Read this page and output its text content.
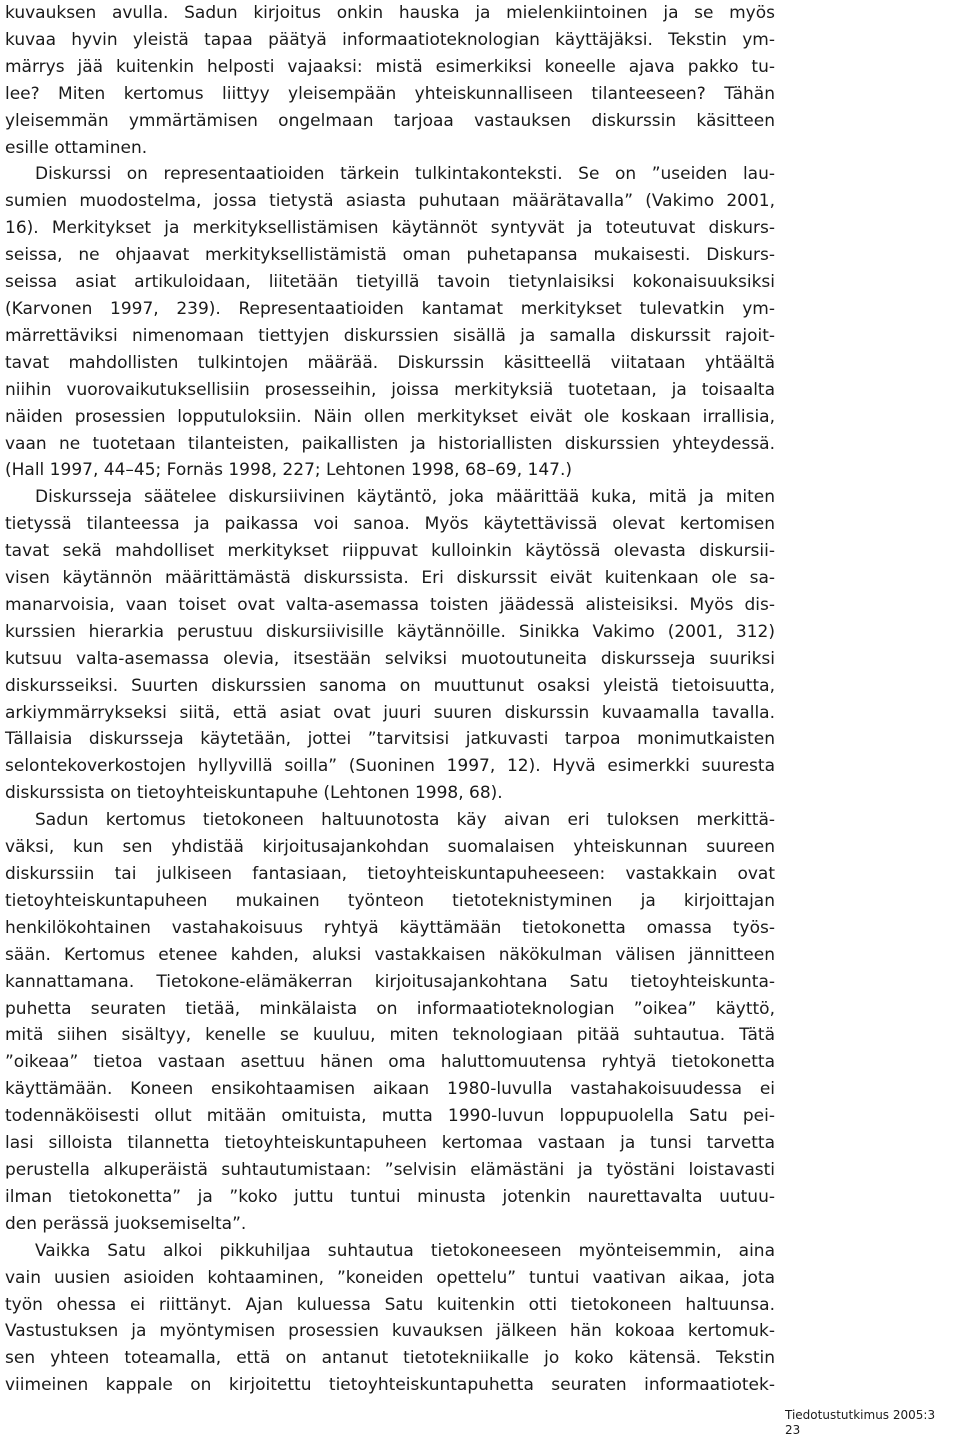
kuvauksen avulla. Sadun kirjoitus onkin hauska ja mielenkiintoinen ja se myös
kuvaa hyvin yleistä tapaa päätyä informaatioteknologian käyttäjäksi. Tekstin ym-
märrys jää kuitenkin helposti vajaaksi: mistä esimerkiksi koneelle ajava pakko tu-
lee? Miten kertomus liittyy yleisempään yhteiskunnalliseen tilanteeseen? Tähän
yleisemmän ymmärtämisen ongelmaan tarjoaa vastauksen diskurssin käsitteen
esille ottaminen.
Diskurssi on representaatioiden tärkein tulkintakonteksti. Se on ”useiden lau-
sumien muodostelma, jossa tietystä asiasta puhutaan määrätavalla” (Vakimo 2001,
16). Merkitykset ja merkityksellistämisen käytännöt syntyvät ja toteutuvat diskurs-
seissa, ne ohjaavat merkityksellistämistä oman puhetapansa mukaisesti. Diskurs-
seissa asiat artikuloidaan, liitetään tietyillä tavoin tietynlaisiksi kokonaisuuksiksi
(Karvonen 1997, 239). Representaatioiden kantamat merkitykset tulevatkin ym-
märrettäviksi nimenomaan tiettyjen diskurssien sisällä ja samalla diskurssit rajoit-
tavat mahdollisten tulkintojen määrää. Diskurssin käsitteellä viitataan yhtäältä
niihin vuorovaikutuksellisiin prosesseihin, joissa merkityksiä tuotetaan, ja toisaalta
näiden prosessien lopputuloksiin. Näin ollen merkitykset eivät ole koskaan irrallisia,
vaan ne tuotetaan tilanteisten, paikallisten ja historiallisten diskurssien yhteydessä.
(Hall 1997, 44–45; Fornäs 1998, 227; Lehtonen 1998, 68–69, 147.)
Diskursseja säätelee diskursiivinen käytäntö, joka määrittää kuka, mitä ja miten
tietyssä tilanteessa ja paikassa voi sanoa. Myös käytettävissä olevat kertomisen
tavat sekä mahdolliset merkitykset riippuvat kulloinkin käytössä olevasta diskursii-
visen käytännön määrittämästä diskurssista. Eri diskurssit eivät kuitenkaan ole sa-
manarvoisia, vaan toiset ovat valta-asemassa toisten jäädessä alisteisiksi. Myös dis-
kurssien hierarkia perustuu diskursiivisille käytännöille. Sinikka Vakimo (2001, 312)
kutsuu valta-asemassa olevia, itsestään selviksi muotoutuneita diskursseja suuriksi
diskursseiksi. Suurten diskurssien sanoma on muuttunut osaksi yleistä tietoisuutta,
arkiymmärrykseksi siitä, että asiat ovat juuri suuren diskurssin kuvaamalla tavalla.
Tällaisia diskursseja käytetään, jottei ”tarvitsisi jatkuvasti tarpoa monimutkaisten
selontekoverkostojen hyllyvillä soilla” (Suoninen 1997, 12). Hyvä esimerkki suuresta
diskurssista on tietoyhteiskuntapuhe (Lehtonen 1998, 68).
Sadun kertomus tietokoneen haltuunotosta käy aivan eri tuloksen merkittä-
väksi, kun sen yhdistää kirjoitusajankohdan suomalaisen yhteiskunnan suureen
diskurssiin tai julkiseen fantasiaan, tietoyhteiskuntapuheeseen: vastakkain ovat
tietoyhteiskuntapuheen mukainen työnteon tietoteknistyminen ja kirjoittajan
henkilökohtainen vastahakoisuus ryhtyä käyttämään tietokonetta omassa työs-
sään. Kertomus etenee kahden, aluksi vastakkaisen näkökulman välisen jännitteen
kannattamana. Tietokone-elämäkerran kirjoitusajankohtana Satu tietoyhteiskunta-
puhetta seuraten tietää, minkälaista on informaatioteknologian ”oikea” käyttö,
mitä siihen sisältyy, kenelle se kuuluu, miten teknologiaan pitää suhtautua. Tätä
”oikeaa” tietoa vastaan asettuu hänen oma haluttomuutensa ryhtyä tietokonetta
käyttämään. Koneen ensikohtaamisen aikaan 1980-luvulla vastahakoisuudessa ei
todennäköisesti ollut mitään omituista, mutta 1990-luvun loppupuolella Satu pei-
lasi silloista tilannetta tietoyhteiskuntapuheen kertomaa vastaan ja tunsi tarvetta
perustella alkuperäistä suhtautumistaan: ”selvisin elämästäni ja työstäni loistavasti
ilman tietokonetta” ja ”koko juttu tuntui minusta jotenkin naurettavalta uutuu-
den perässä juoksemiselta”.
Vaikka Satu alkoi pikkuhiljaa suhtautua tietokoneeseen myönteisemmin, aina
vain uusien asioiden kohtaaminen, ”koneiden opettelu” tuntui vaativan aikaa, jota
työn ohessa ei riittänyt. Ajan kuluessa Satu kuitenkin otti tietokoneen haltuunsa.
Vastustuksen ja myöntymisen prosessien kuvauksen jälkeen hän kokoaa kertomuk-
sen yhteen toteamalla, että on antanut tietotekniikalle jo koko kätensä. Tekstin
viimeinen kappale on kirjoitettu tietoyhteiskuntapuhetta seuraten informaatiotek-
Tiedotustutkimus 2005:3
23
